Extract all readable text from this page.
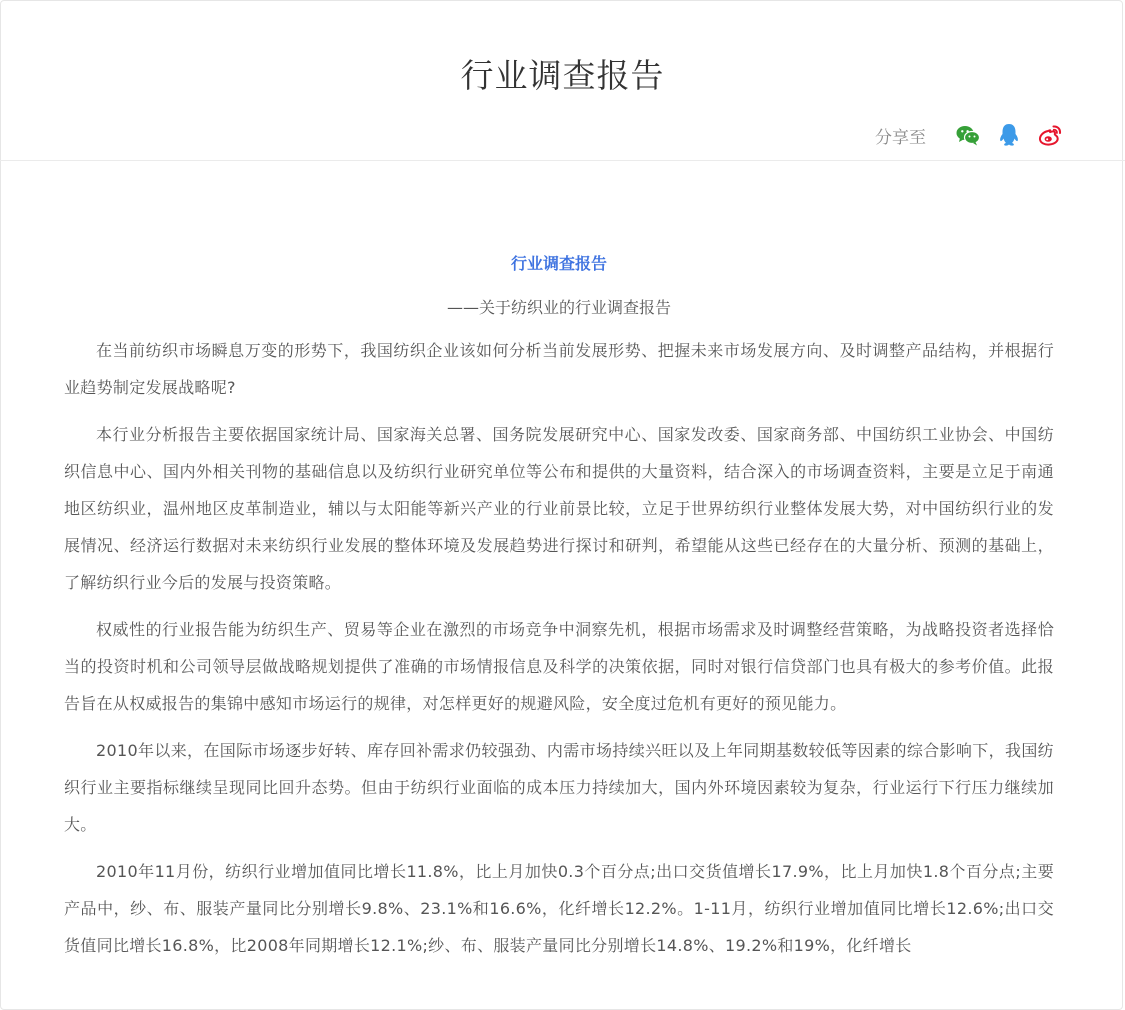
行业调查报告
分享至
行业调查报告
——关于纺织业的行业调查报告

在当前纺织市场瞬息万变的形势下，我国纺织企业该如何分析当前发展形势、把握未来市场发展方向、及时调整产品结构，并根据行业趋势制定发展战略呢?

本行业分析报告主要依据国家统计局、国家海关总署、国务院发展研究中心、国家发改委、国家商务部、中国纺织工业协会、中国纺织信息中心、国内外相关刊物的基础信息以及纺织行业研究单位等公布和提供的大量资料，结合深入的市场调查资料，主要是立足于南通地区纺织业，温州地区皮革制造业，辅以与太阳能等新兴产业的行业前景比较，立足于世界纺织行业整体发展大势，对中国纺织行业的发展情况、经济运行数据对未来纺织行业发展的整体环境及发展趋势进行探讨和研判，希望能从这些已经存在的大量分析、预测的基础上，了解纺织行业今后的发展与投资策略。

权威性的行业报告能为纺织生产、贸易等企业在激烈的市场竞争中洞察先机，根据市场需求及时调整经营策略，为战略投资者选择恰当的投资时机和公司领导层做战略规划提供了准确的市场情报信息及科学的决策依据，同时对银行信贷部门也具有极大的参考价值。此报告旨在从权威报告的集锦中感知市场运行的规律，对怎样更好的规避风险，安全度过危机有更好的预见能力。

2010年以来，在国际市场逐步好转、库存回补需求仍较强劲、内需市场持续兴旺以及上年同期基数较低等因素的综合影响下，我国纺织行业主要指标继续呈现同比回升态势。但由于纺织行业面临的成本压力持续加大，国内外环境因素较为复杂，行业运行下行压力继续加大。

2010年11月份，纺织行业增加值同比增长11.8%，比上月加快0.3个百分点;出口交货值增长17.9%，比上月加快1.8个百分点;主要产品中，纱、布、服装产量同比分别增长9.8%、23.1%和16.6%，化纤增长12.2%。1-11月，纺织行业增加值同比增长12.6%;出口交货值同比增长16.8%，比2008年同期增长12.1%;纱、布、服装产量同比分别增长14.8%、19.2%和19%，化纤增长
